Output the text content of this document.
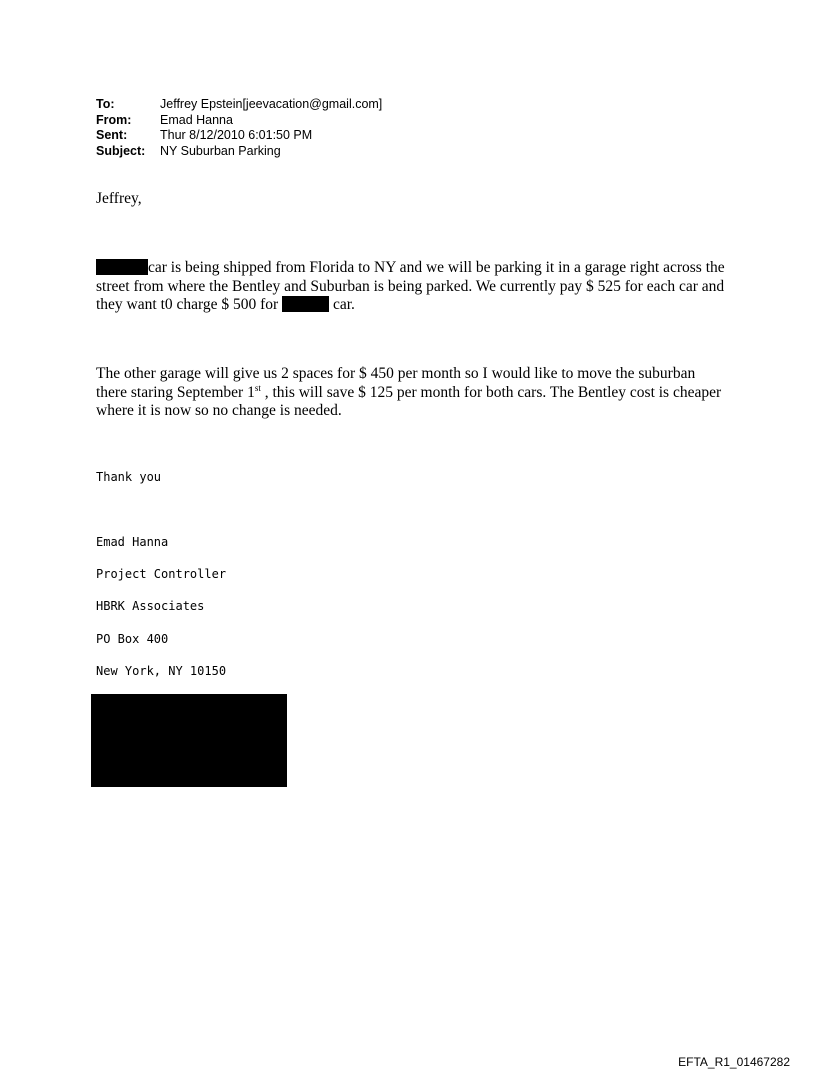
To:	Jeffrey Epstein[jeevacation@gmail.com]
From:	Emad Hanna
Sent:	Thur 8/12/2010 6:01:50 PM
Subject:	NY Suburban Parking
Jeffrey,
car is being shipped from Florida to NY and we will be parking it in a garage right across the street from where the Bentley and Suburban is being parked. We currently pay $ 525 for each car and they want t0 charge $ 500 for	car.
The other garage will give us 2 spaces for $ 450 per month so I would like to move the suburban there staring September 1st , this will save $ 125 per month for both cars. The Bentley cost is cheaper where it is now so no change is needed.
Thank you
Emad Hanna
Project Controller
HBRK Associates
PO Box 400
New York, NY 10150
EFTA_R1_01467282
